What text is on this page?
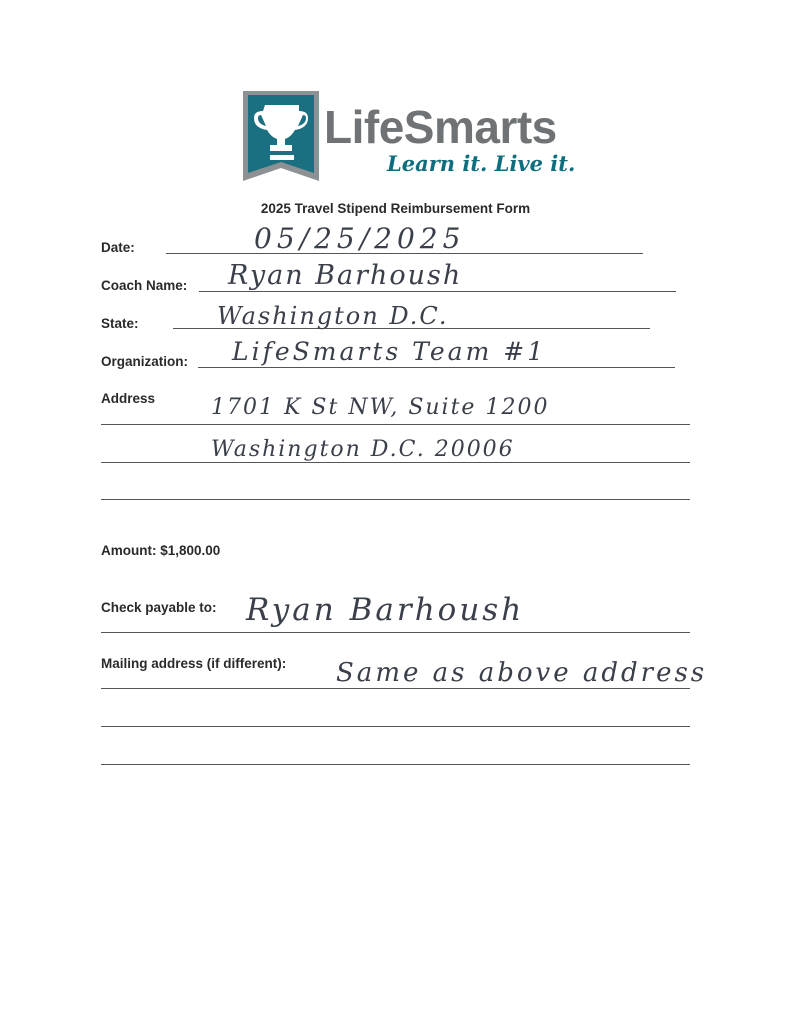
LifeSmarts
Learn it. Live it.
2025 Travel Stipend Reimbursement Form
Date:	05/25/2025
Coach Name: Ryan Barhoush
State:	Washington D.C.
Organization: LifeSmarts Team #1
Address	1701 K St NW, Suite 1200
Washington D.C. 20006
Amount: $1,800.00
Check payable to: Ryan Barhoush
Mailing address (if different): Same as above address
